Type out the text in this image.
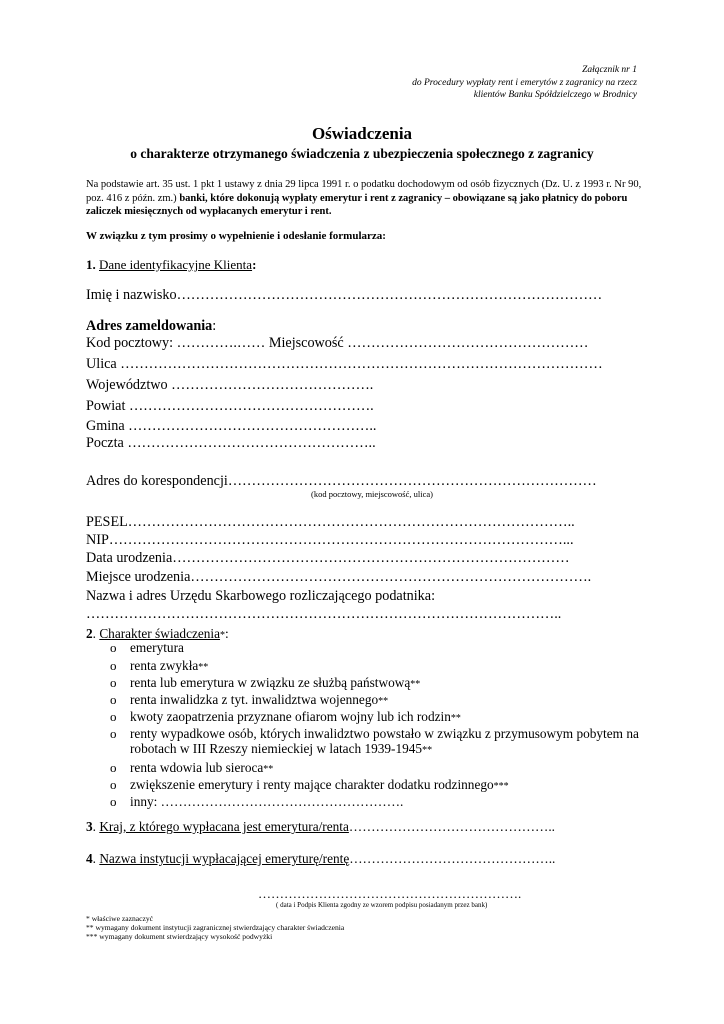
Załącznik nr 1
do Procedury wypłaty rent i emerytów z zagranicy na rzecz
klientów Banku Spółdzielczego w Brodnicy
Oświadczenia
o charakterze otrzymanego świadczenia z ubezpieczenia społecznego z zagranicy
Na podstawie art. 35 ust. 1 pkt 1 ustawy z dnia 29 lipca 1991 r. o podatku dochodowym od osób fizycznych (Dz. U. z 1993 r. Nr 90, poz. 416 z późn. zm.) banki, które dokonują wypłaty emerytur i rent z zagranicy – obowiązane są jako płatnicy do poboru zaliczek miesięcznych od wypłacanych emerytur i rent.
W związku z tym prosimy o wypełnienie i odesłanie formularza:
1. Dane identyfikacyjne Klienta:
Imię i nazwisko………………………………………………………………………………
Adres zameldowania:
Kod pocztowy: ………….…… Miejscowość ……………………………………………
Ulica …………………………………………………………………………………………
Województwo …………………………………….
Powiat …………………………………………….
Gmina ……………………………………………..
Poczta ……………………………………………..
Adres do korespondencji……………………………………………………………………
(kod pocztowy, miejscowość, ulica)
PESEL…………………………………………………………………………………..
NIP……………………………………………………………………………………...
Data urodzenia…………………………………………………………………………
Miejsce urodzenia………………………………………………………………………….
Nazwa i adres Urzędu Skarbowego rozliczającego podatnika:
………………………………………………………………………………………..
2. Charakter świadczenia*:
o emerytura
o renta zwykła**
o renta lub emerytura w związku ze służbą państwową**
o renta inwalidzka z tyt. inwalidztwa wojennego**
o kwoty zaopatrzenia przyznane ofiarom wojny lub ich rodzin**
o renty wypadkowe osób, których inwalidztwo powstało w związku z przymusowym pobytem na robotach w III Rzeszy niemieckiej w latach 1939-1945**
o renta wdowia lub sieroca**
o zwiększenie emerytury i renty mające charakter dodatku rodzinnego***
o inny: ……………………………………………….
3. Kraj, z którego wypłacana jest emerytura/renta………………………………………..
4. Nazwa instytucji wypłacającej emeryturę/rentę………………………………………..
…………………………………………………….
( data i Podpis Klienta zgodny ze wzorem podpisu posiadanym przez bank)
* właściwe zaznaczyć
** wymagany dokument instytucji zagranicznej stwierdzający charakter świadczenia
*** wymagany dokument stwierdzający wysokość podwyżki
